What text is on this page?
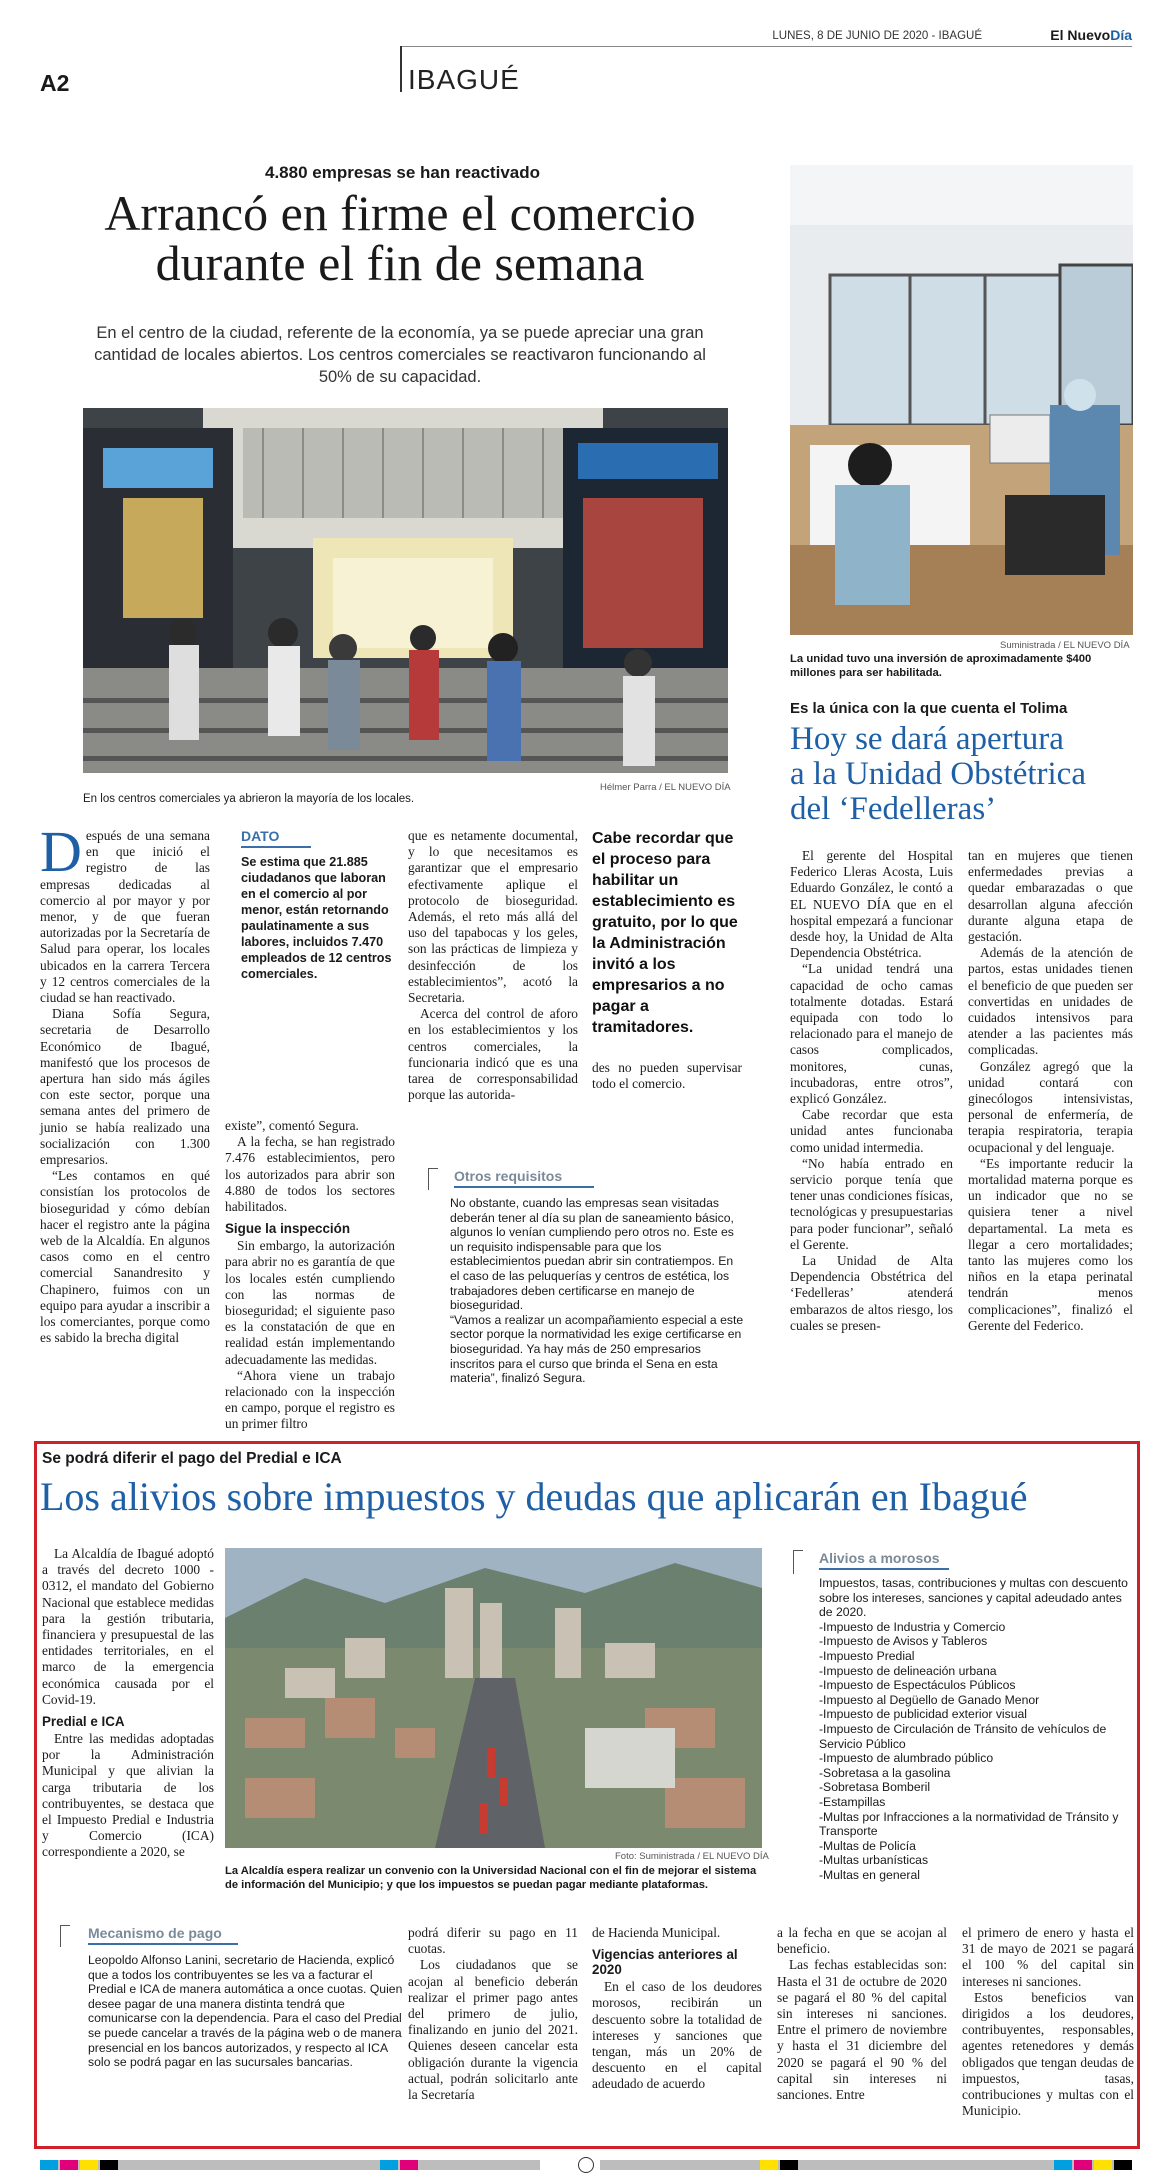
LUNES, 8 DE JUNIO DE 2020 - IBAGUÉ	El NuevoDía
A2	IBAGUÉ
4.880 empresas se han reactivado
Arrancó en firme el comercio
durante el fin de semana
En el centro de la ciudad, referente de la economía, ya se puede apreciar una gran cantidad de locales abiertos. Los centros comerciales se reactivaron funcionando al 50% de su capacidad.
En los centros comerciales ya abrieron la mayoría de los locales.
Hélmer Parra / EL NUEVO DÍA

Después de una semana en que inició el registro de las empresas dedicadas al comercio al por mayor y por menor, y de que fueran autorizadas por la Secretaría de Salud para operar, los locales ubicados en la carrera Tercera y 12 centros comerciales de la ciudad se han reactivado.

Diana Sofía Segura, secretaria de Desarrollo Económico de Ibagué, manifestó que los procesos de apertura han sido más ágiles con este sector, porque una semana antes del primero de junio se había realizado una socialización con 1.300 empresarios.

“Les contamos en qué consistían los protocolos de bioseguridad y cómo debían hacer el registro ante la página web de la Alcaldía. En algunos casos como en el centro comercial Sanandresito y Chapinero, fuimos con un equipo para ayudar a inscribir a los comerciantes, porque como es sabido la brecha digital

DATO
Se estima que 21.885 ciudadanos que laboran en el comercio al por menor, están retornando paulatinamente a sus labores, incluidos 7.470 empleados de 12 centros comerciales.

existe”, comentó Segura.

A la fecha, se han registrado 7.476 establecimientos, pero los autorizados para abrir son 4.880 de todos los sectores habilitados.

Sigue la inspección

Sin embargo, la autorización para abrir no es garantía de que los locales estén cumpliendo con las normas de bioseguridad; el siguiente paso es la constatación de que en realidad están implementando adecuadamente las medidas.

“Ahora viene un trabajo relacionado con la inspección en campo, porque el registro es un primer filtro

que es netamente documental, y lo que necesitamos es garantizar que el empresario efectivamente aplique el protocolo de bioseguridad. Además, el reto más allá del uso del tapabocas y los geles, son las prácticas de limpieza y desinfección de los establecimientos”, acotó la Secretaria.

Acerca del control de aforo en los establecimientos y los centros comerciales, la funcionaria indicó que es una tarea de corresponsabilidad porque las autorida-

Cabe recordar que el proceso para habilitar un establecimiento es gratuito, por lo que la Administración invitó a los empresarios a no pagar a tramitadores.

des no pueden supervisar todo el comercio.

Otros requisitos
No obstante, cuando las empresas sean visitadas deberán tener al día su plan de saneamiento básico, algunos lo venían cumpliendo pero otros no. Este es un requisito indispensable para que los establecimientos puedan abrir sin contratiempos. En el caso de las peluquerías y centros de estética, los trabajadores deben certificarse en manejo de bioseguridad.
“Vamos a realizar un acompañamiento especial a este sector porque la normatividad les exige certificarse en bioseguridad. Ya hay más de 250 empresarios inscritos para el curso que brinda el Sena en esta materia”, finalizó Segura.
Suministrada / EL NUEVO DÍA
La unidad tuvo una inversión de aproximadamente $400 millones para ser habilitada.
Es la única con la que cuenta el Tolima
Hoy se dará apertura
a la Unidad Obstétrica
del ‘Fedelleras’

El gerente del Hospital Federico Lleras Acosta, Luis Eduardo González, le contó a EL NUEVO DÍA que en el hospital empezará a funcionar desde hoy, la Unidad de Alta Dependencia Obstétrica.

“La unidad tendrá una capacidad de ocho camas totalmente dotadas. Estará equipada con todo lo relacionado para el manejo de casos complicados, monitores, cunas, incubadoras, entre otros”, explicó González.

Cabe recordar que esta unidad antes funcionaba como unidad intermedia.

“No había entrado en servicio porque tenía que tener unas condiciones físicas, tecnológicas y presupuestarias para poder funcionar”, señaló el Gerente.

La Unidad de Alta Dependencia Obstétrica del ‘Fedelleras’ atenderá embarazos de altos riesgo, los cuales se presen-

tan en mujeres que tienen enfermedades previas a quedar embarazadas o que desarrollan alguna afección durante alguna etapa de gestación.

Además de la atención de partos, estas unidades tienen el beneficio de que pueden ser convertidas en unidades de cuidados intensivos para atender a las pacientes más complicadas.

González agregó que la unidad contará con ginecólogos intensivistas, personal de enfermería, de terapia respiratoria, terapia ocupacional y del lenguaje.

“Es importante reducir la mortalidad materna porque es un indicador que no se quisiera tener a nivel departamental. La meta es llegar a cero mortalidades; tanto las mujeres como los niños en la etapa perinatal tendrán menos complicaciones”, finalizó el Gerente del Federico.

Se podrá diferir el pago del Predial e ICA
Los alivios sobre impuestos y deudas que aplicarán en Ibagué

La Alcaldía de Ibagué adoptó a través del decreto 1000 - 0312, el mandato del Gobierno Nacional que establece medidas para la gestión tributaria, financiera y presupuestal de las entidades territoriales, en el marco de la emergencia económica causada por el Covid-19.

Predial e ICA

Entre las medidas adoptadas por la Administración Municipal y que alivian la carga tributaria de los contribuyentes, se destaca que el Impuesto Predial e Industria y Comercio (ICA) correspondiente a 2020, se	Foto: Suministrada / EL NUEVO DÍA
La Alcaldía espera realizar un convenio con la Universidad Nacional con el fin de mejorar el sistema de información del Municipio; y que los impuestos se puedan pagar mediante plataformas.
Alivios a morosos
Impuestos, tasas, contribuciones y multas con descuento sobre los intereses, sanciones y capital adeudado antes de 2020.
-Impuesto de Industria y Comercio
-Impuesto de Avisos y Tableros
-Impuesto Predial
-Impuesto de delineación urbana
-Impuesto de Espectáculos Públicos
-Impuesto al Degüello de Ganado Menor
-Impuesto de publicidad exterior visual
-Impuesto de Circulación de Tránsito de vehículos de Servicio Público
-Impuesto de alumbrado público
-Sobretasa a la gasolina
-Sobretasa Bomberil
-Estampillas
-Multas por Infracciones a la normatividad de Tránsito y Transporte
-Multas de Policía
-Multas urbanísticas
-Multas en general
Mecanismo de pago
Leopoldo Alfonso Lanini, secretario de Hacienda, explicó que a todos los contribuyentes se les va a facturar el Predial e ICA de manera automática a once cuotas. Quien desee pagar de una manera distinta tendrá que comunicarse con la dependencia. Para el caso del Predial se puede cancelar a través de la página web o de manera presencial en los bancos autorizados, y respecto al ICA solo se podrá pagar en las sucursales bancarias.

podrá diferir su pago en 11 cuotas.

Los ciudadanos que se acojan al beneficio deberán realizar el primer pago antes del primero de julio, finalizando en junio del 2021. Quienes deseen cancelar esta obligación durante la vigencia actual, podrán solicitarlo ante la Secretaría

de Hacienda Municipal.

Vigencias anteriores al 2020

En el caso de los deudores morosos, recibirán un descuento sobre la totalidad de intereses y sanciones que tengan, más un 20% de descuento en el capital adeudado de acuerdo

a la fecha en que se acojan al beneficio.

Las fechas establecidas son: Hasta el 31 de octubre de 2020 se pagará el 80 % del capital sin intereses ni sanciones. Entre el primero de noviembre y hasta el 31 diciembre del 2020 se pagará el 90 % del capital sin intereses ni sanciones. Entre

el primero de enero y hasta el 31 de mayo de 2021 se pagará el 100 % del capital sin intereses ni sanciones.

Estos beneficios van dirigidos a los deudores, contribuyentes, responsables, agentes retenedores y demás obligados que tengan deudas de impuestos, tasas, contribuciones y multas con el Municipio.
